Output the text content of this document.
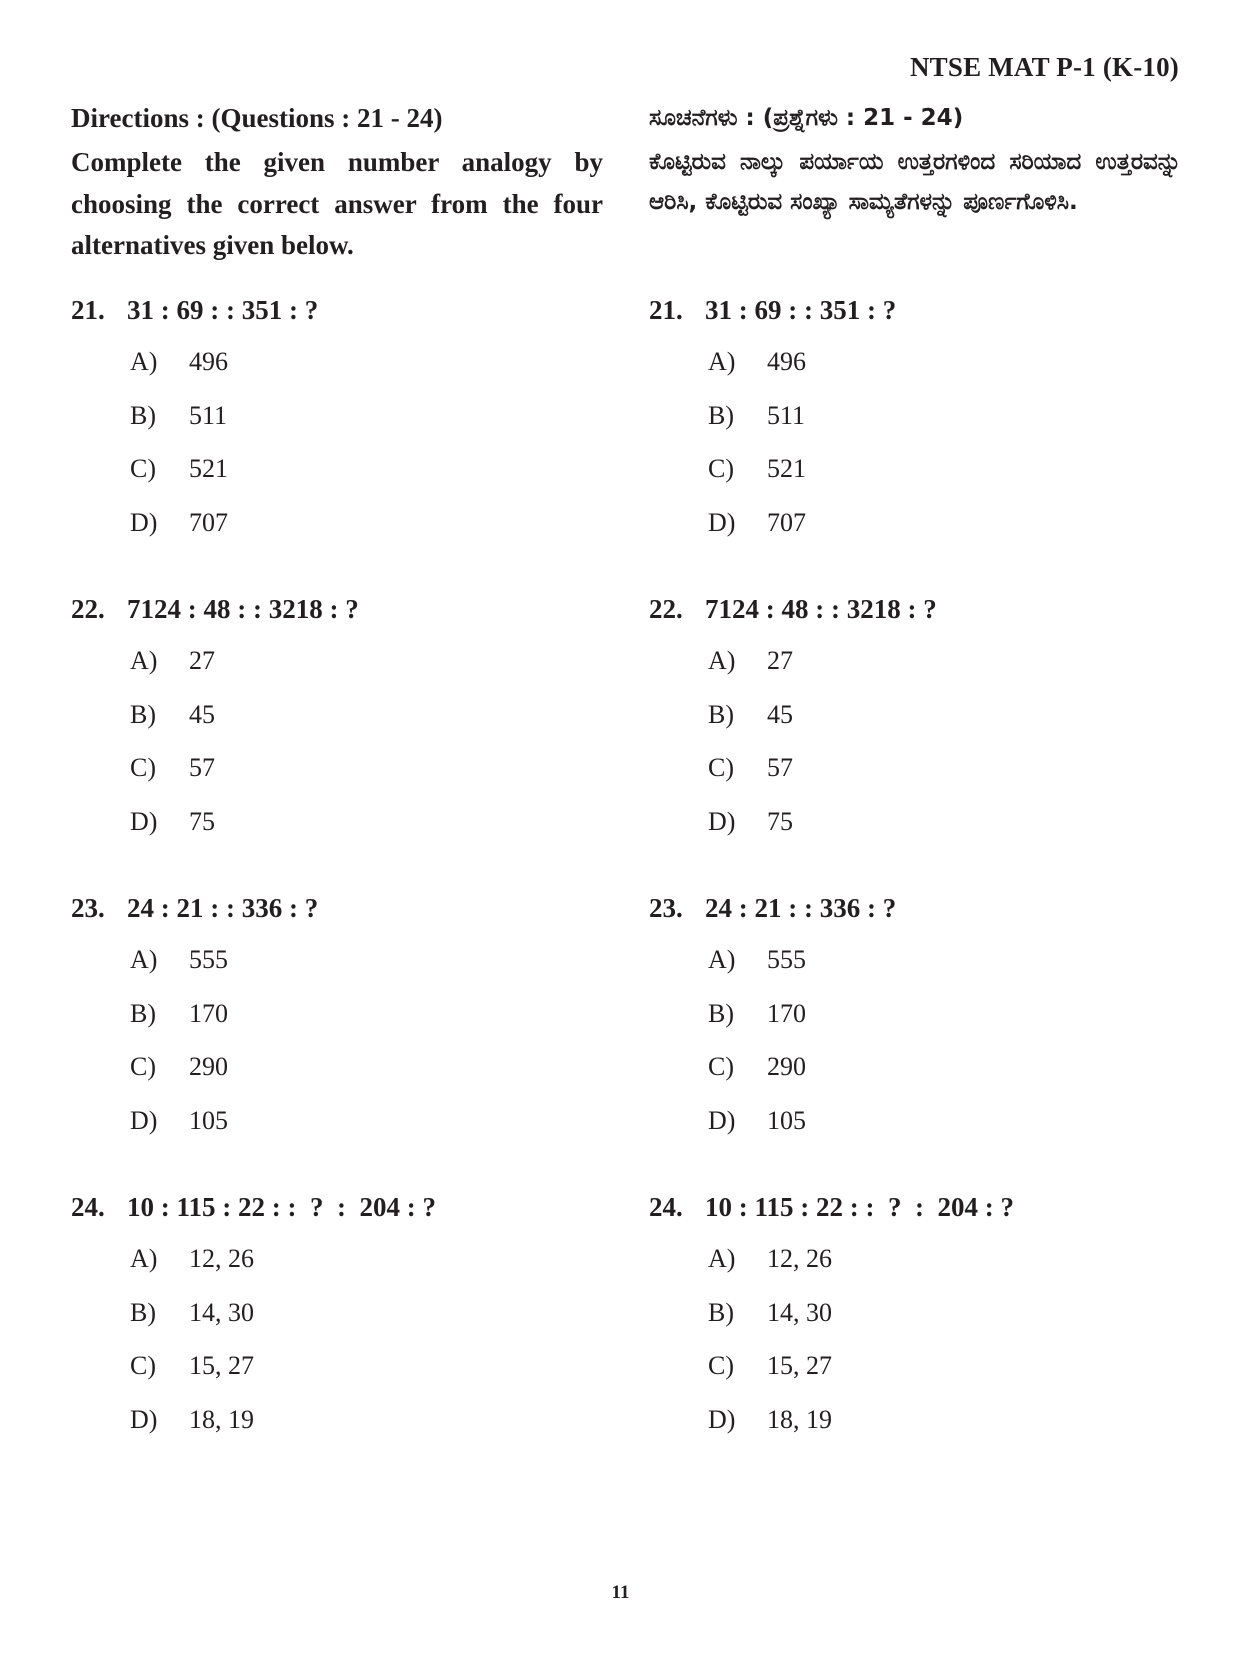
NTSE MAT P-1 (K-10)
Directions : (Questions : 21 - 24)

Complete the given number analogy by choosing the correct answer from the four alternatives given below.

21. 31 : 69 : : 351 : ?
A) 496
B) 511
C) 521
D) 707
22. 7124 : 48 : : 3218 : ?
A) 27
B) 45
C) 57
D) 75
23. 24 : 21 : : 336 : ?
A) 555
B) 170
C) 290
D) 105
24. 10 : 115 : 22 : :  ?  :  204 : ?
A) 12, 26
B) 14, 30
C) 15, 27
D) 18, 19
ಸೂಚನೆಗಳು : (ಪ್ರಶ್ನೆಗಳು : 21 - 24)

ಕೊಟ್ಟಿರುವ ನಾಲ್ಕು ಪರ್ಯಾಯ ಉತ್ತರಗಳಿಂದ ಸರಿಯಾದ ಉತ್ತರವನ್ನು ಆರಿಸಿ, ಕೊಟ್ಟಿರುವ ಸಂಖ್ಯಾ ಸಾಮ್ಯತೆಗಳನ್ನು ಪೂರ್ಣಗೊಳಿಸಿ.

21. 31 : 69 : : 351 : ?
A) 496
B) 511
C) 521
D) 707
22. 7124 : 48 : : 3218 : ?
A) 27
B) 45
C) 57
D) 75
23. 24 : 21 : : 336 : ?
A) 555
B) 170
C) 290
D) 105
24. 10 : 115 : 22 : :  ?  :  204 : ?
A) 12, 26
B) 14, 30
C) 15, 27
D) 18, 19
11
